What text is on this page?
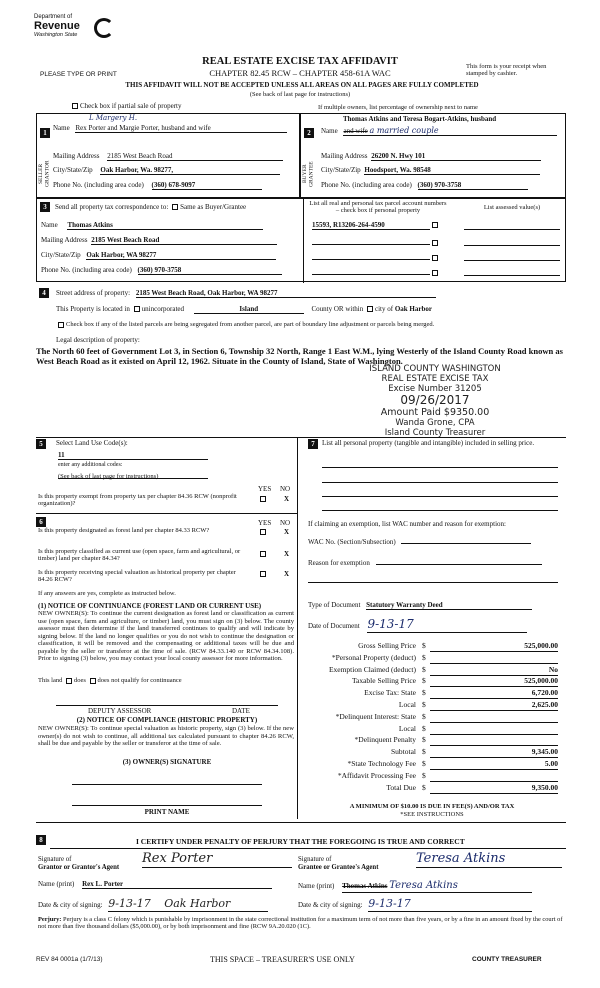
Department of
Revenue
Washington State
PLEASE TYPE OR PRINT
REAL ESTATE EXCISE TAX AFFIDAVIT
CHAPTER 82.45 RCW – CHAPTER 458-61A WAC
THIS AFFIDAVIT WILL NOT BE ACCEPTED UNLESS ALL AREAS ON ALL PAGES ARE FULLY COMPLETED
(See back of last page for instructions)
This form is your receipt when stamped by cashier.
Check box if partial sale of property	If multiple owners, list percentage of ownership next to name
1
SELLER GRANTOR
Name Rex Porter and Margie Porter, husband and wife
L Margery H.
Mailing Address 2185 West Beach Road
City/State/Zip Oak Harbor, Wa. 98277,
Phone No. (including area code) (360) 678-9097
2
BUYER GRANTEE
Thomas Atkins and Teresa Bogart-Atkins, husband
Name and wife a married couple
Mailing Address 26200 N. Hwy 101
City/State/Zip Hoodsport, Wa. 98548
Phone No. (including area code) (360) 970-3758
3	Send all property tax correspondence to: Same as Buyer/Grantee
Name Thomas Atkins
Mailing Address 2185 West Beach Road
City/State/Zip Oak Harbor, WA 98277
Phone No. (including area code) (360) 970-3758
List all real and personal tax parcel account numbers – check box if personal property	List assessed value(s)
15593, R13206-264-4590
4	Street address of property: 2185 West Beach Road, Oak Harbor, WA 98277
This Property is located in unincorporated	Island	County OR within city of Oak Harbor
Check box if any of the listed parcels are being segregated from another parcel, are part of boundary line adjustment or parcels being merged.
Legal description of property:
The North 60 feet of Government Lot 3, in Section 6, Township 32 North, Range 1 East W.M., lying Westerly of the Island County Road known as West Beach Road as it existed on April 12, 1962. Situate in the County of Island, State of Washington.
ISLAND COUNTY WASHINGTON
REAL ESTATE EXCISE TAX
Excise Number 31205
09/26/2017
Amount Paid $9350.00
Wanda Grone, CPA
Island County Treasurer
5	Select Land Use Code(s):
11
enter any additional codes:
(See back of last page for instructions)
YES NO
Is this property exempt from property tax per chapter 84.36 RCW (nonprofit organization)?
X
6	YES NO
Is this property designated as forest land per chapter 84.33 RCW?	X
Is this property classified as current use (open space, farm and agricultural, or timber) land per chapter 84.34?
X
Is this property receiving special valuation as historical property per chapter 84.26 RCW?
X
If any answers are yes, complete as instructed below.
(1) NOTICE OF CONTINUANCE (FOREST LAND OR CURRENT USE)
NEW OWNER(S): To continue the current designation as forest land or classification as current use (open space, farm and agriculture, or timber) land, you must sign on (3) below. The county assessor must then determine if the land transferred continues to qualify and will indicate by signing below. If the land no longer qualifies or you do not wish to continue the designation or classification, it will be removed and the compensating or additional taxes will be due and payable by the seller or transferor at the time of sale. (RCW 84.33.140 or RCW 84.34.108). Prior to signing (3) below, you may contact your local county assessor for more information.
This land does does not qualify for continuance
DEPUTY ASSESSOR	DATE
(2) NOTICE OF COMPLIANCE (HISTORIC PROPERTY)
NEW OWNER(S): To continue special valuation as historic property, sign (3) below. If the new owner(s) do not wish to continue, all additional tax calculated pursuant to chapter 84.26 RCW, shall be due and payable by the seller or transferor at the time of sale.
(3) OWNER(S) SIGNATURE
PRINT NAME
7	List all personal property (tangible and intangible) included in selling price.
If claiming an exemption, list WAC number and reason for exemption:
WAC No. (Section/Subsection)
Reason for exemption
Type of Document Statutory Warranty Deed
Date of Document 9-13-17
Gross Selling Price $	525,000.00
*Personal Property (deduct) $
Exemption Claimed (deduct) $	No
Taxable Selling Price $	525,000.00
Excise Tax: State $	6,720.00
Local $	2,625.00
*Delinquent Interest: State $
Local $
*Delinquent Penalty $
Subtotal $	9,345.00
*State Technology Fee $	5.00
*Affidavit Processing Fee $
Total Due $	9,350.00
A MINIMUM OF $10.00 IS DUE IN FEE(S) AND/OR TAX
*SEE INSTRUCTIONS
8	I CERTIFY UNDER PENALTY OF PERJURY THAT THE FOREGOING IS TRUE AND CORRECT
Signature of
Grantor or Grantor's Agent
Rex Porter
Name (print) Rex L. Porter
Date & city of signing: 9-13-17 Oak Harbor
Signature of
Grantee or Grantee's Agent
Teresa Atkins
Name (print) Thomas Atkins Teresa Atkins
Date & city of signing: 9-13-17
Perjury: Perjury is a class C felony which is punishable by imprisonment in the state correctional institution for a maximum term of not more than five years, or by a fine in an amount fixed by the court of not more than five thousand dollars ($5,000.00), or by both imprisonment and fine (RCW 9A.20.020 (1C).
REV 84 0001a (1/7/13)	THIS SPACE – TREASURER'S USE ONLY	COUNTY TREASURER
